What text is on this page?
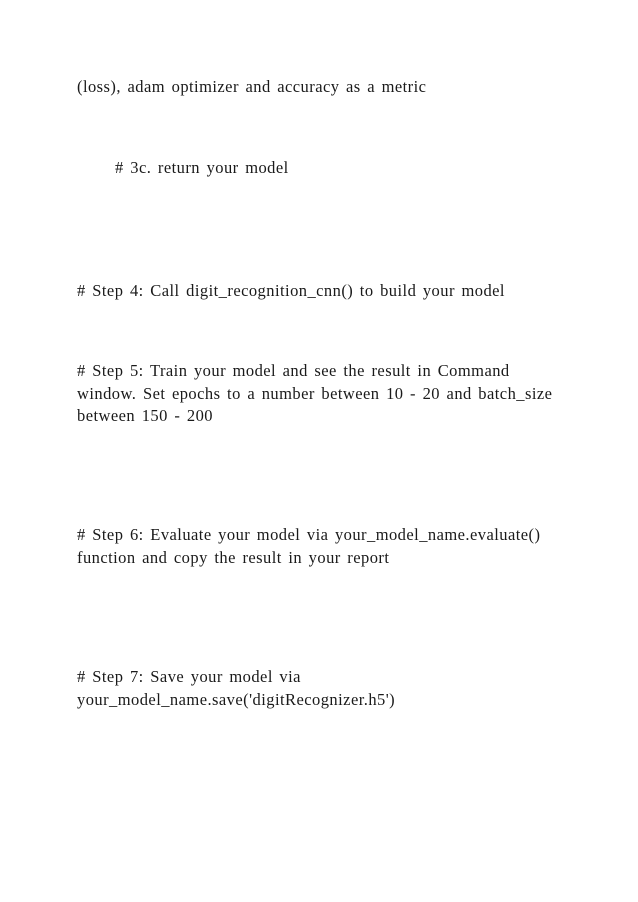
(loss), adam optimizer and accuracy as a metric

# 3c. return your model

# Step 4: Call digit_recognition_cnn() to build your model

# Step 5: Train your model and see the result in Command
window. Set epochs to a number between 10 - 20 and batch_size
between 150 - 200
# Step 6: Evaluate your model via your_model_name.evaluate()
function and copy the result in your report
# Step 7: Save your model via
your_model_name.save('digitRecognizer.h5')
